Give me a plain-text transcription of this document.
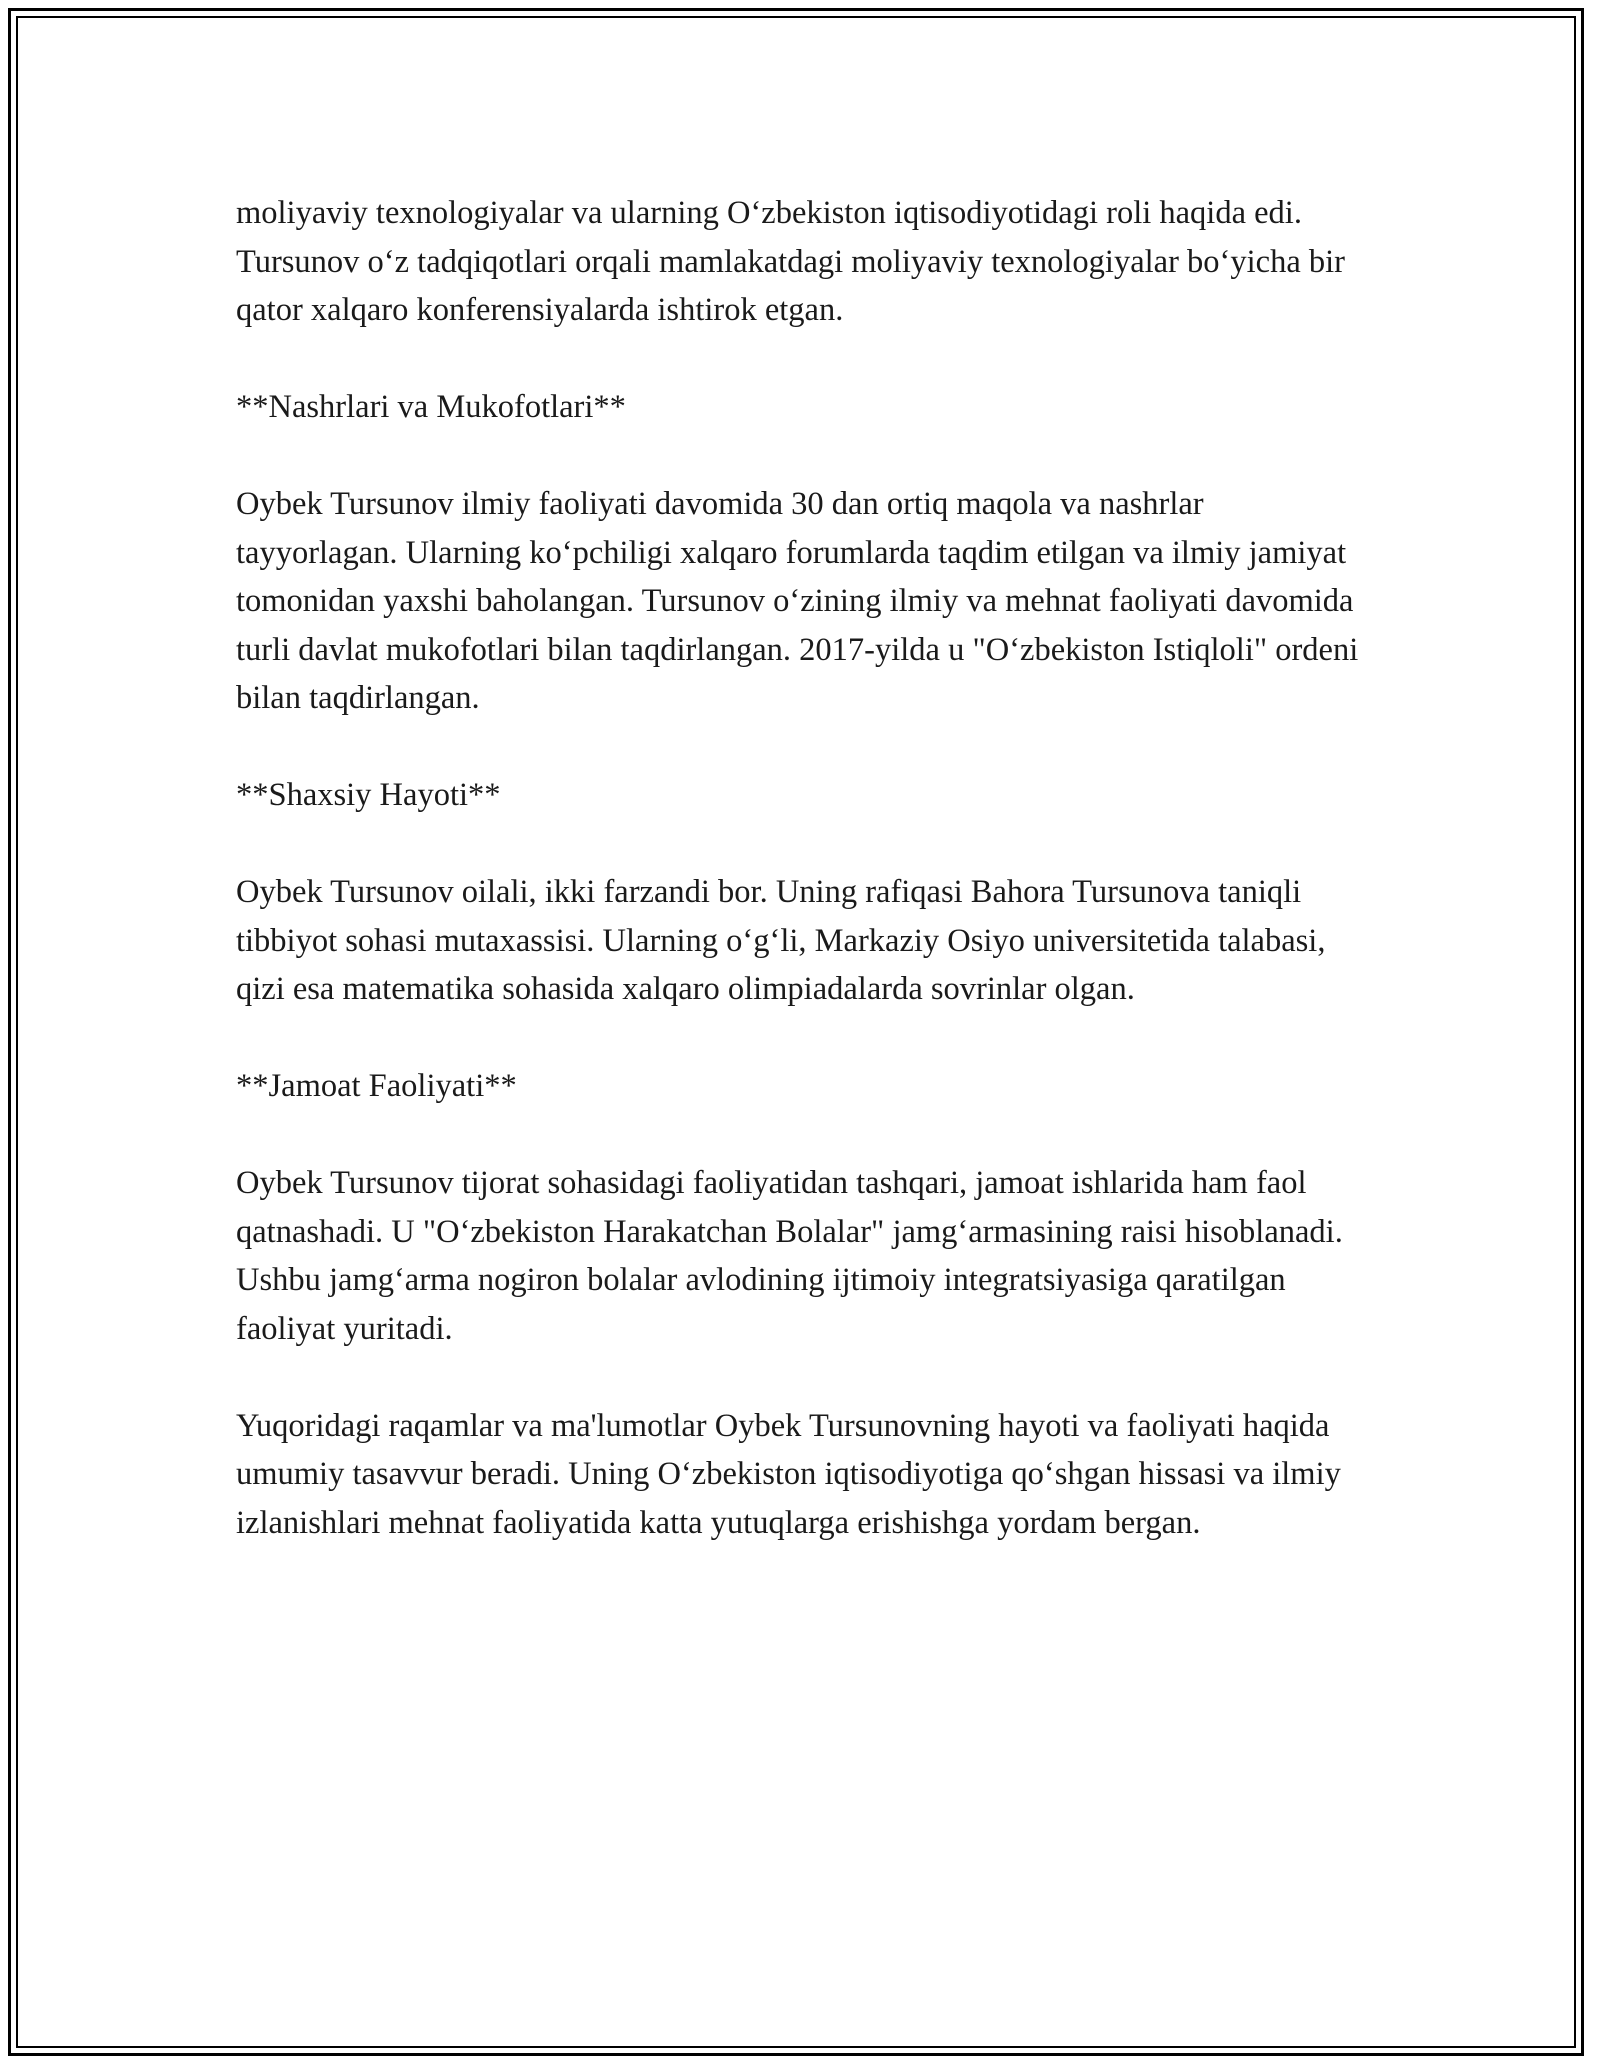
moliyaviy texnologiyalar va ularning O‘zbekiston iqtisodiyotidagi roli haqida edi. Tursunov o‘z tadqiqotlari orqali mamlakatdagi moliyaviy texnologiyalar bo‘yicha bir qator xalqaro konferensiyalarda ishtirok etgan.

**Nashrlari va Mukofotlari**

Oybek Tursunov ilmiy faoliyati davomida 30 dan ortiq maqola va nashrlar tayyorlagan. Ularning ko‘pchiligi xalqaro forumlarda taqdim etilgan va ilmiy jamiyat tomonidan yaxshi baholangan. Tursunov o‘zining ilmiy va mehnat faoliyati davomida turli davlat mukofotlari bilan taqdirlangan. 2017-yilda u "O‘zbekiston Istiqloli" ordeni bilan taqdirlangan.

**Shaxsiy Hayoti**

Oybek Tursunov oilali, ikki farzandi bor. Uning rafiqasi Bahora Tursunova taniqli tibbiyot sohasi mutaxassisi. Ularning o‘g‘li, Markaziy Osiyo universitetida talabasi, qizi esa matematika sohasida xalqaro olimpiadalarda sovrinlar olgan.

**Jamoat Faoliyati**

Oybek Tursunov tijorat sohasidagi faoliyatidan tashqari, jamoat ishlarida ham faol qatnashadi. U "O‘zbekiston Harakatchan Bolalar" jamg‘armasining raisi hisoblanadi. Ushbu jamg‘arma nogiron bolalar avlodining ijtimoiy integratsiyasiga qaratilgan faoliyat yuritadi.

Yuqoridagi raqamlar va ma'lumotlar Oybek Tursunovning hayoti va faoliyati haqida umumiy tasavvur beradi. Uning O‘zbekiston iqtisodiyotiga qo‘shgan hissasi va ilmiy izlanishlari mehnat faoliyatida katta yutuqlarga erishishga yordam bergan.
